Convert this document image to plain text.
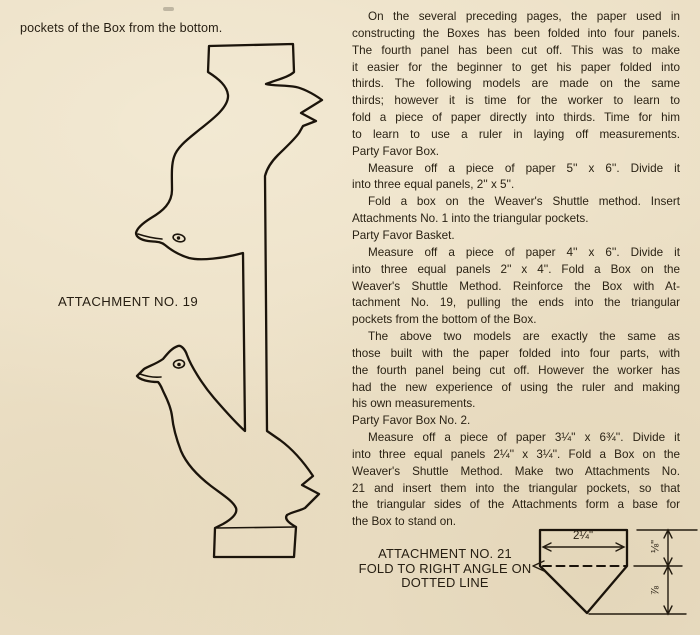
pockets of the Box from the bottom.
ATTACHMENT NO. 19
2¼"
⅛"
⅞
ATTACHMENT NO. 21
FOLD TO RIGHT ANGLE ON
DOTTED LINE
On the several preceding pages, the paper used in
constructing the Boxes has been folded into four panels.
The fourth panel has been cut off. This was to make
it easier for the beginner to get his paper folded into
thirds. The following models are made on the same
thirds; however it is time for the worker to learn to
fold a piece of paper directly into thirds. Time for him
to learn to use a ruler in laying off measurements.
Party Favor Box.
Measure off a piece of paper 5'' x 6''. Divide it
into three equal panels, 2'' x 5''.
Fold a box on the Weaver's Shuttle method. Insert
Attachments No. 1 into the triangular pockets.
Party Favor Basket.
Measure off a piece of paper 4'' x 6''. Divide it
into three equal panels 2'' x 4''. Fold a Box on the
Weaver's Shuttle Method. Reinforce the Box with At-
tachment No. 19, pulling the ends into the triangular
pockets from the bottom of the Box.
The above two models are exactly the same as
those built with the paper folded into four parts, with
the fourth panel being cut off. However the worker has
had the new experience of using the ruler and making
his own measurements.
Party Favor Box No. 2.
Measure off a piece of paper 3¼'' x 6¾''. Divide it
into three equal panels 2¼'' x 3¼''. Fold a Box on the
Weaver's Shuttle Method. Make two Attachments No.
21 and insert them into the triangular pockets, so that
the triangular sides of the Attachments form a base for
the Box to stand on.
